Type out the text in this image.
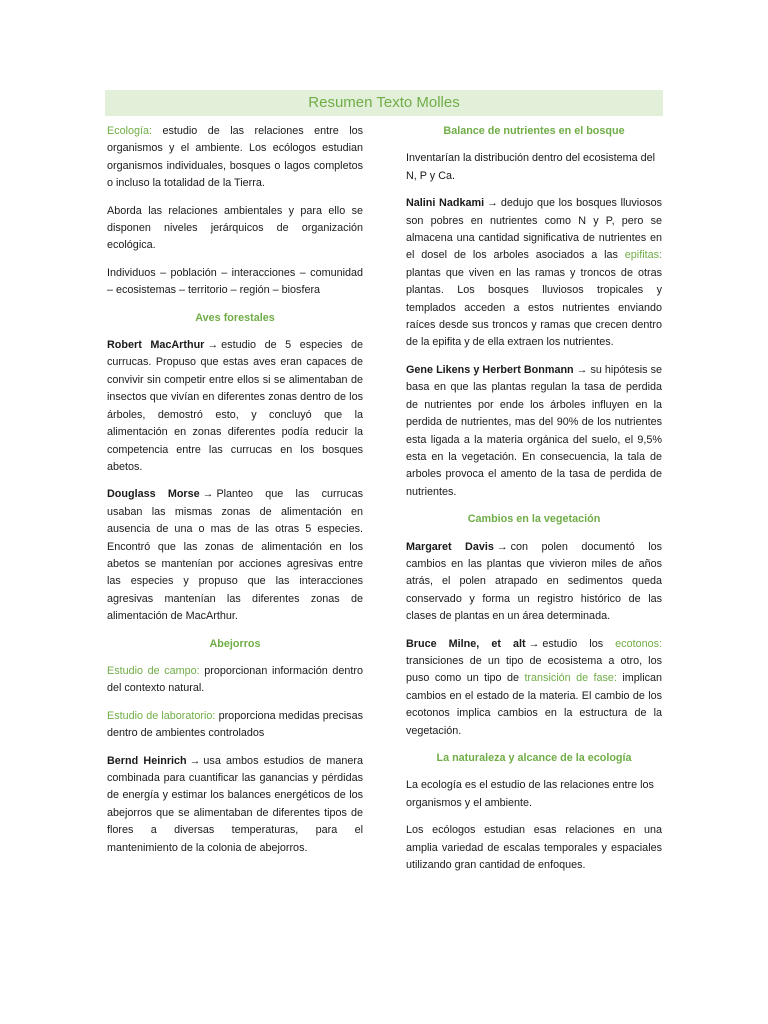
Resumen Texto Molles

Ecología: estudio de las relaciones entre los organismos y el ambiente. Los ecólogos estudian organismos individuales, bosques o lagos completos o incluso la totalidad de la Tierra.

Aborda las relaciones ambientales y para ello se disponen niveles jerárquicos de organización ecológica.

Individuos – población – interacciones – comunidad – ecosistemas – territorio – región – biosfera

Aves forestales

Robert MacArthur → estudio de 5 especies de currucas. Propuso que estas aves eran capaces de convivir sin competir entre ellos si se alimentaban de insectos que vivían en diferentes zonas dentro de los árboles, demostró esto, y concluyó que la alimentación en zonas diferentes podía reducir la competencia entre las currucas en los bosques abetos.

Douglass Morse → Planteo que las currucas usaban las mismas zonas de alimentación en ausencia de una o mas de las otras 5 especies. Encontró que las zonas de alimentación en los abetos se mantenían por acciones agresivas entre las especies y propuso que las interacciones agresivas mantenían las diferentes zonas de alimentación de MacArthur.

Abejorros

Estudio de campo: proporcionan información dentro del contexto natural.

Estudio de laboratorio: proporciona medidas precisas dentro de ambientes controlados

Bernd Heinrich → usa ambos estudios de manera combinada para cuantificar las ganancias y pérdidas de energía y estimar los balances energéticos de los abejorros que se alimentaban de diferentes tipos de flores a diversas temperaturas, para el mantenimiento de la colonia de abejorros.

Balance de nutrientes en el bosque

Inventarían la distribución dentro del ecosistema del N, P y Ca.

Nalini Nadkami → dedujo que los bosques lluviosos son pobres en nutrientes como N y P, pero se almacena una cantidad significativa de nutrientes en el dosel de los arboles asociados a las epifitas: plantas que viven en las ramas y troncos de otras plantas. Los bosques lluviosos tropicales y templados acceden a estos nutrientes enviando raíces desde sus troncos y ramas que crecen dentro de la epifita y de ella extraen los nutrientes.

Gene Likens y Herbert Bonmann → su hipótesis se basa en que las plantas regulan la tasa de perdida de nutrientes por ende los árboles influyen en la perdida de nutrientes, mas del 90% de los nutrientes esta ligada a la materia orgánica del suelo, el 9,5% esta en la vegetación. En consecuencia, la tala de arboles provoca el amento de la tasa de perdida de nutrientes.

Cambios en la vegetación

Margaret Davis → con polen documentó los cambios en las plantas que vivieron miles de años atrás, el polen atrapado en sedimentos queda conservado y forma un registro histórico de las clases de plantas en un área determinada.

Bruce Milne, et alt → estudio los ecotonos: transiciones de un tipo de ecosistema a otro, los puso como un tipo de transición de fase: implican cambios en el estado de la materia. El cambio de los ecotonos implica cambios en la estructura de la vegetación.

La naturaleza y alcance de la ecología

La ecología es el estudio de las relaciones entre los organismos y el ambiente.

Los ecólogos estudian esas relaciones en una amplia variedad de escalas temporales y espaciales utilizando gran cantidad de enfoques.
